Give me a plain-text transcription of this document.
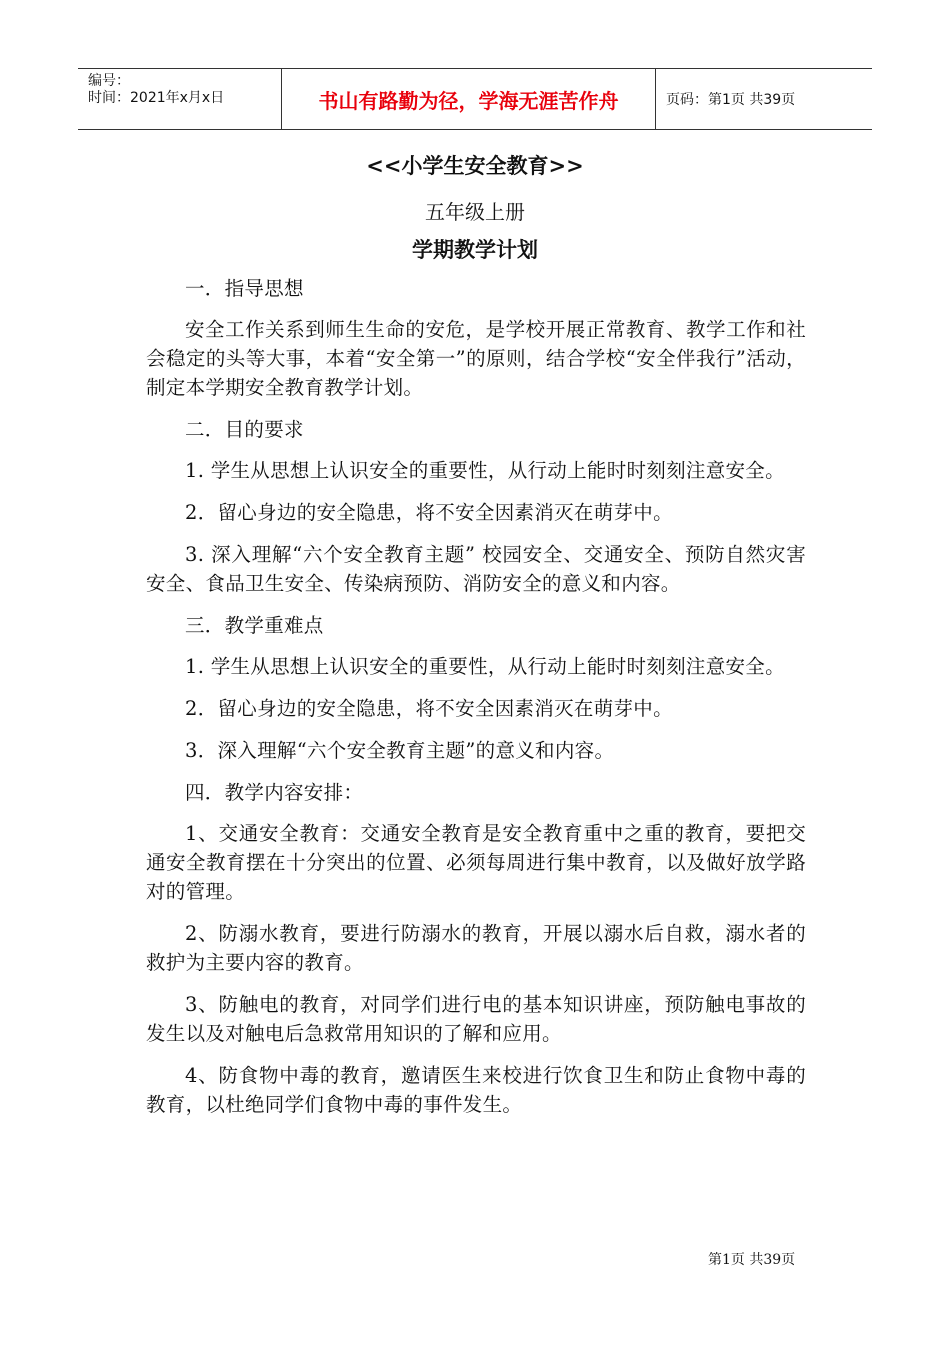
编号：
时间：2021年x月x日	书山有路勤为径，学海无涯苦作舟	页码：第1页 共39页
<<小学生安全教育>>
五年级上册
学期教学计划

一．指导思想

安全工作关系到师生生命的安危，是学校开展正常教育、教学工作和社会稳定的头等大事，本着“安全第一”的原则，结合学校“安全伴我行”活动，制定本学期安全教育教学计划。

二．目的要求

1. 学生从思想上认识安全的重要性，从行动上能时时刻刻注意安全。

2．留心身边的安全隐患，将不安全因素消灭在萌芽中。

3. 深入理解“六个安全教育主题” 校园安全、交通安全、预防自然灾害安全、食品卫生安全、传染病预防、消防安全的意义和内容。

三．教学重难点

1. 学生从思想上认识安全的重要性，从行动上能时时刻刻注意安全。

2．留心身边的安全隐患，将不安全因素消灭在萌芽中。

3．深入理解“六个安全教育主题”的意义和内容。

四．教学内容安排：

1、交通安全教育：交通安全教育是安全教育重中之重的教育，要把交通安全教育摆在十分突出的位置、必须每周进行集中教育，以及做好放学路对的管理。

2、防溺水教育，要进行防溺水的教育，开展以溺水后自救，溺水者的救护为主要内容的教育。

3、防触电的教育，对同学们进行电的基本知识讲座，预防触电事故的发生以及对触电后急救常用知识的了解和应用。

4、防食物中毒的教育，邀请医生来校进行饮食卫生和防止食物中毒的教育，以杜绝同学们食物中毒的事件发生。

第1页 共39页
